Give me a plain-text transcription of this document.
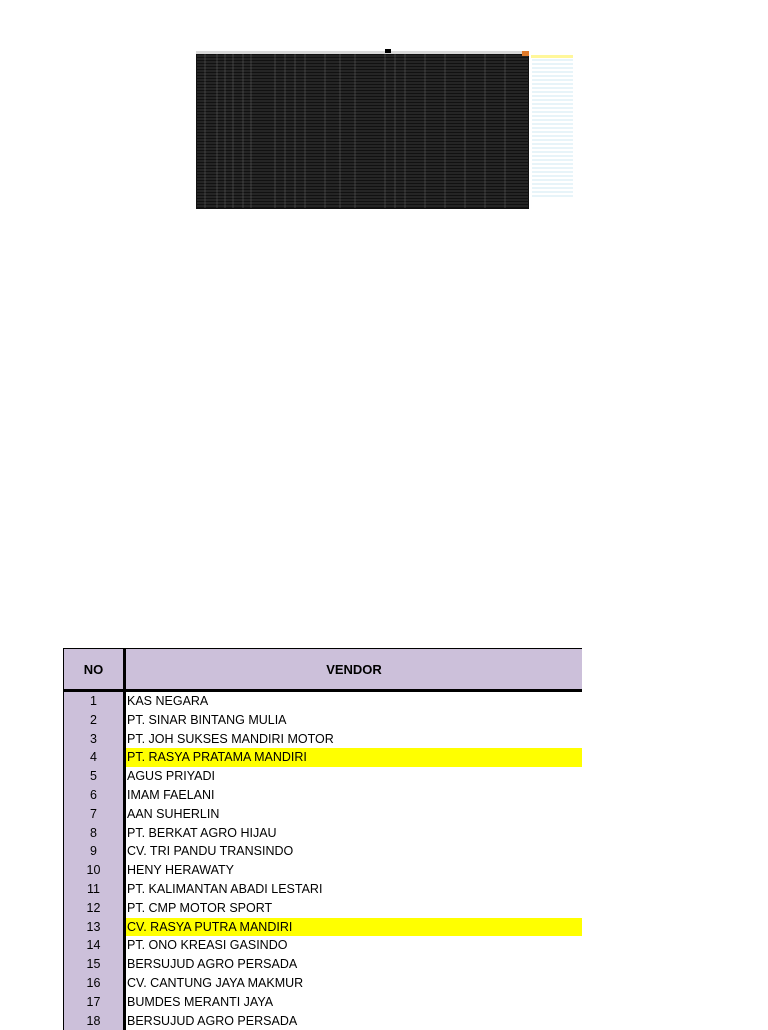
NO	VENDOR
1	KAS NEGARA
2	PT. SINAR BINTANG MULIA
3	PT. JOH SUKSES MANDIRI MOTOR
4	PT. RASYA PRATAMA MANDIRI
5	AGUS PRIYADI
6	IMAM FAELANI
7	AAN SUHERLIN
8	PT. BERKAT AGRO HIJAU
9	CV. TRI PANDU TRANSINDO
10	HENY HERAWATY
11	PT. KALIMANTAN ABADI LESTARI
12	PT. CMP MOTOR SPORT
13	CV. RASYA PUTRA MANDIRI
14	PT. ONO KREASI GASINDO
15	BERSUJUD AGRO PERSADA
16	CV. CANTUNG JAYA MAKMUR
17	BUMDES MERANTI JAYA
18	BERSUJUD AGRO PERSADA
